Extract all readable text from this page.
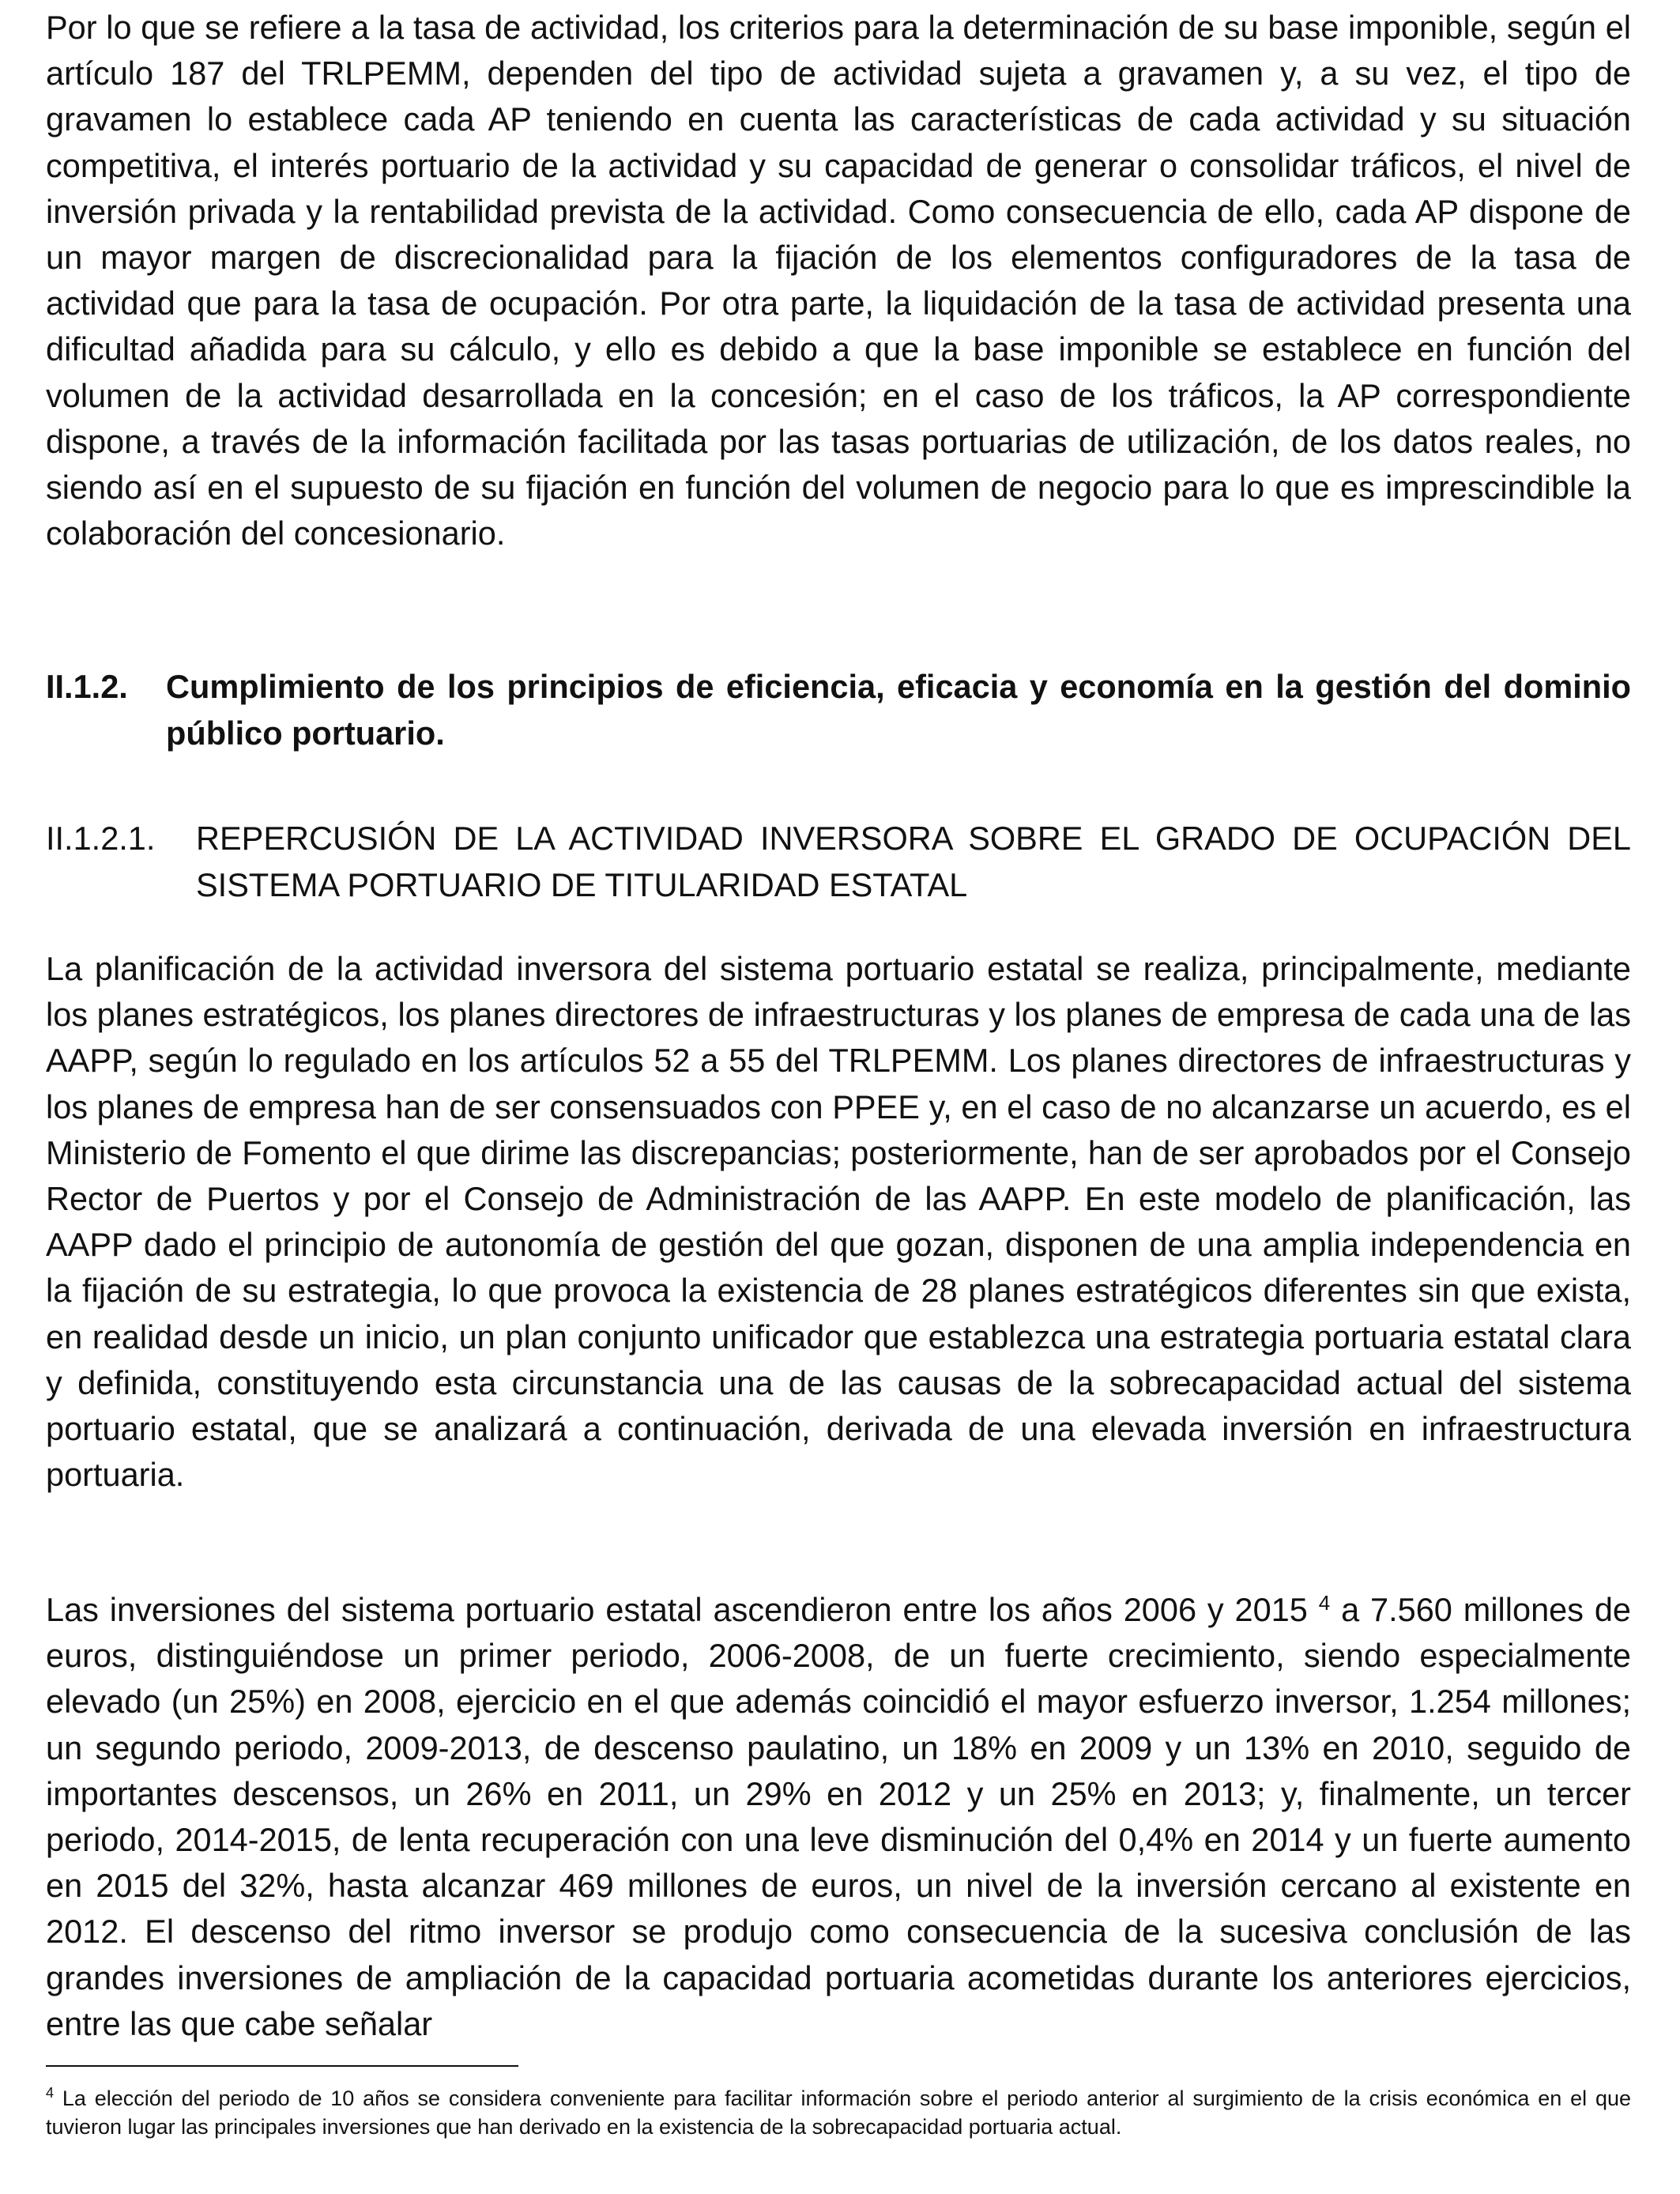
Por lo que se refiere a la tasa de actividad, los criterios para la determinación de su base imponible, según el artículo 187 del TRLPEMM, dependen del tipo de actividad sujeta a gravamen y, a su vez, el tipo de gravamen lo establece cada AP teniendo en cuenta las características de cada actividad y su situación competitiva, el interés portuario de la actividad y su capacidad de generar o consolidar tráficos, el nivel de inversión privada y la rentabilidad prevista de la actividad. Como consecuencia de ello, cada AP dispone de un mayor margen de discrecionalidad para la fijación de los elementos configuradores de la tasa de actividad que para la tasa de ocupación. Por otra parte, la liquidación de la tasa de actividad presenta una dificultad añadida para su cálculo, y ello es debido a que la base imponible se establece en función del volumen de la actividad desarrollada en la concesión; en el caso de los tráficos, la AP correspondiente dispone, a través de la información facilitada por las tasas portuarias de utilización, de los datos reales, no siendo así en el supuesto de su fijación en función del volumen de negocio para lo que es imprescindible la colaboración del concesionario.

II.1.2. Cumplimiento de los principios de eficiencia, eficacia y economía en la gestión del dominio público portuario.
II.1.2.1. REPERCUSIÓN DE LA ACTIVIDAD INVERSORA SOBRE EL GRADO DE OCUPACIÓN DEL SISTEMA PORTUARIO DE TITULARIDAD ESTATAL

La planificación de la actividad inversora del sistema portuario estatal se realiza, principalmente, mediante los planes estratégicos, los planes directores de infraestructuras y los planes de empresa de cada una de las AAPP, según lo regulado en los artículos 52 a 55 del TRLPEMM. Los planes directores de infraestructuras y los planes de empresa han de ser consensuados con PPEE y, en el caso de no alcanzarse un acuerdo, es el Ministerio de Fomento el que dirime las discrepancias; posteriormente, han de ser aprobados por el Consejo Rector de Puertos y por el Consejo de Administración de las AAPP. En este modelo de planificación, las AAPP dado el principio de autonomía de gestión del que gozan, disponen de una amplia independencia en la fijación de su estrategia, lo que provoca la existencia de 28 planes estratégicos diferentes sin que exista, en realidad desde un inicio, un plan conjunto unificador que establezca una estrategia portuaria estatal clara y definida, constituyendo esta circunstancia una de las causas de la sobrecapacidad actual del sistema portuario estatal, que se analizará a continuación, derivada de una elevada inversión en infraestructura portuaria.

Las inversiones del sistema portuario estatal ascendieron entre los años 2006 y 2015 $^4$ a 7.560 millones de euros, distinguiéndose un primer periodo, 2006-2008, de un fuerte crecimiento, siendo especialmente elevado (un 25%) en 2008, ejercicio en el que además coincidió el mayor esfuerzo inversor, 1.254 millones; un segundo periodo, 2009-2013, de descenso paulatino, un 18% en 2009 y un 13% en 2010, seguido de importantes descensos, un 26% en 2011, un 29% en 2012 y un 25% en 2013; y, finalmente, un tercer periodo, 2014-2015, de lenta recuperación con una leve disminución del 0,4% en 2014 y un fuerte aumento en 2015 del 32%, hasta alcanzar 469 millones de euros, un nivel de la inversión cercano al existente en 2012. El descenso del ritmo inversor se produjo como consecuencia de la sucesiva conclusión de las grandes inversiones de ampliación de la capacidad portuaria acometidas durante los anteriores ejercicios, entre las que cabe señalar

$^4$ La elección del periodo de 10 años se considera conveniente para facilitar información sobre el periodo anterior al surgimiento de la crisis económica en el que tuvieron lugar las principales inversiones que han derivado en la existencia de la sobrecapacidad portuaria actual.
